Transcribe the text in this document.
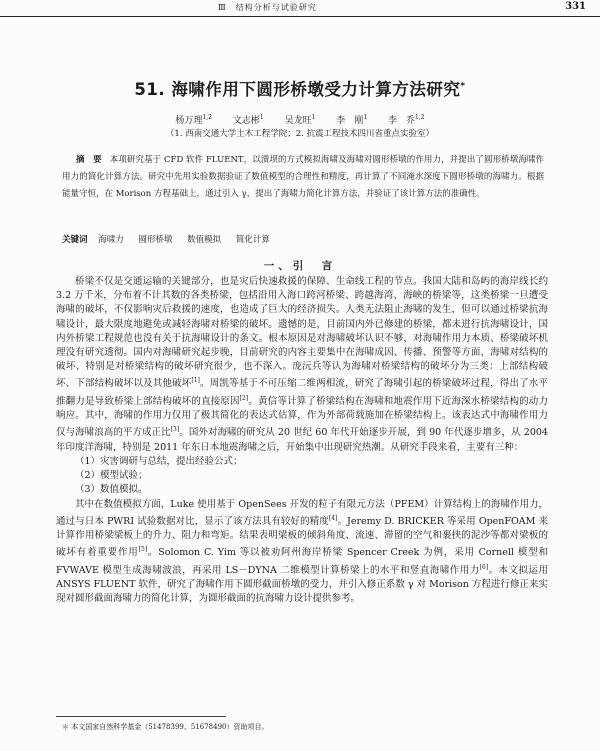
Ⅲ　结构分析与试验研究	331
51. 海啸作用下圆形桥墩受力计算方法研究*
杨万理$^{1,2}$ 文志彬$^1$ 吴龙旺$^1$ 李　刚$^1$ 李　乔$^{1,2}$
（1. 西南交通大学土木工程学院；2. 抗震工程技术四川省重点实验室）
摘　要 本项研究基于 CFD 软件 FLUENT，以溃坝的方式模拟海啸及海啸对圆形桥墩的作用力，并提出了圆形桥墩海啸作用力的简化计算方法。研究中先用实验数据验证了数值模型的合理性和精度，再计算了不同淹水深度下圆形桥墩的海啸力。根据能量守恒，在 Morison 方程基础上，通过引入 γ，提出了海啸力简化计算方法，并验证了该计算方法的准确性。
关键词 海啸力 圆形桥墩 数值模拟 简化计算
一、引　言

桥梁不仅是交通运输的关键部分，也是灾后快速救援的保障、生命线工程的节点。我国大陆和岛屿的海岸线长约 3.2 万千米，分布着不计其数的各类桥梁，包括沿用入海口跨河桥梁、跨越海湾、海峡的桥梁等，这类桥梁一旦遭受海啸的破坏，不仅影响灾后救援的速度，也造成了巨大的经济损失。人类无法阻止海啸的发生，但可以通过桥梁抗海啸设计，最大限度地避免或减轻海啸对桥梁的破坏。遗憾的是，目前国内外已修建的桥梁，都未进行抗海啸设计，国内外桥梁工程规范也没有关于抗海啸设计的条文。根本原因是对海啸破坏认识不够，对海啸作用力本质、桥梁破坏机理没有研究透彻。国内对海啸研究起步晚，目前研究的内容主要集中在海啸成因、传播、预警等方面，海啸对结构的破坏、特别是对桥梁结构的破坏研究很少，也不深入。庞沅兵等认为海啸对桥梁结构的破坏分为三类：上部结构破坏、下部结构破坏以及其他破坏[1]。周凯等基于不可压缩二维两相流，研究了海啸引起的桥梁破坏过程，得出了水平推翻力是导致桥梁上部结构破坏的直接原因[2]。黄信等计算了桥梁结构在海啸和地震作用下近海深水桥梁结构的动力响应。其中，海啸的作用力仅用了极其简化的表达式估算，作为外部荷载施加在桥梁结构上。该表达式中海啸作用力仅与海啸浪高的平方成正比[3]。国外对海啸的研究从 20 世纪 60 年代开始逐步开展，到 90 年代逐步增多，从 2004 年印度洋海啸，特别是 2011 年东日本地震海啸之后，开始集中出现研究热潮。从研究手段来看，主要有三种：

（1）灾害调研与总结，提出经验公式；

（2）模型试验；

（3）数值模拟。

其中在数值模拟方面，Luke 使用基于 OpenSees 开发的粒子有限元方法（PFEM）计算结构上的海啸作用力，通过与日本 PWRI 试验数据对比，显示了该方法具有较好的精度[4]。Jeremy D. BRICKER 等采用 OpenFOAM 来计算作用桥梁梁板上的升力、阻力和弯矩。结果表明梁板的倾斜角度、流速、滞留的空气和裹挟的泥沙等都对梁板的破坏有着重要作用[5]。Solomon C. Yim 等以被劝阿州海岸桥梁 Spencer Creek 为例，采用 Cornell 模型和 FVWAVE 模型生成海啸波浪，再采用 LS－DYNA 二维模型计算桥梁上的水平和竖直海啸作用力[6]。本文拟运用 ANSYS FLUENT 软件，研究了海啸作用下圆形截面桥墩的受力，并引入修正系数 γ 对 Morison 方程进行修正来实现对圆形截面海啸力的简化计算，为圆形截面的抗海啸力设计提供参考。

＊ 本文国家自然科学基金（51478399、51678490）资助项目。
